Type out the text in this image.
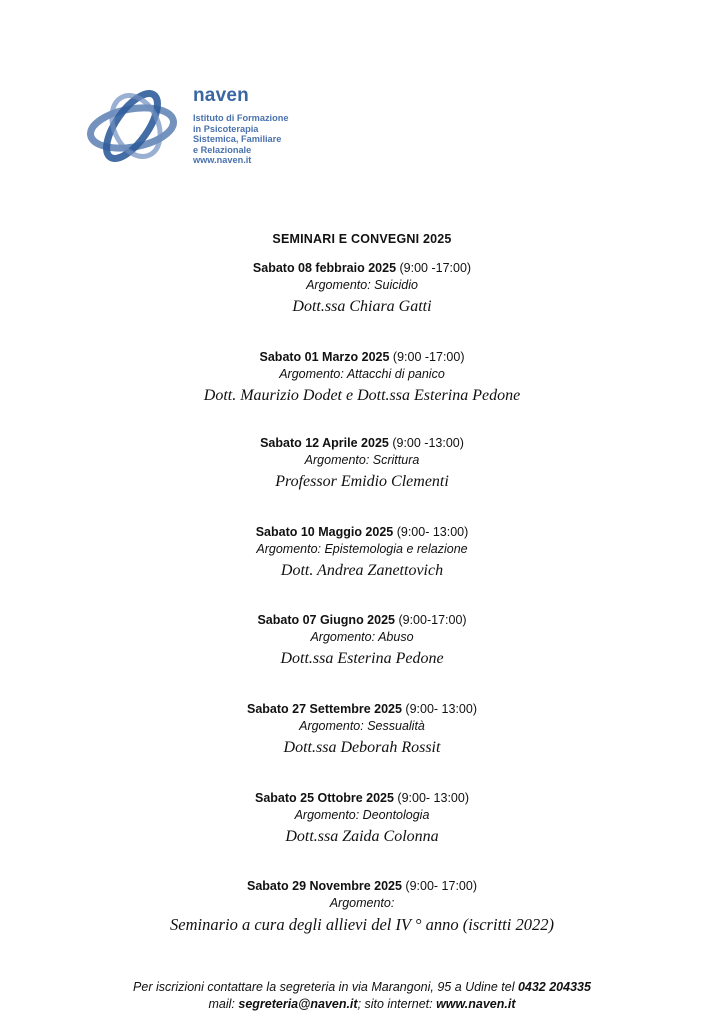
naven
Istituto di Formazione
in Psicoterapia
Sistemica, Familiare
e Relazionale
www.naven.it
SEMINARI E CONVEGNI 2025
Sabato 08 febbraio 2025 (9:00 -17:00)
Argomento: Suicidio
Dott.ssa Chiara Gatti
Sabato 01 Marzo 2025 (9:00 -17:00)
Argomento: Attacchi di panico
Dott. Maurizio Dodet e Dott.ssa Esterina Pedone
Sabato 12 Aprile 2025 (9:00 -13:00)
Argomento: Scrittura
Professor Emidio Clementi
Sabato 10 Maggio 2025 (9:00- 13:00)
Argomento: Epistemologia e relazione
Dott. Andrea Zanettovich
Sabato 07 Giugno 2025 (9:00-17:00)
Argomento: Abuso
Dott.ssa Esterina Pedone
Sabato 27 Settembre 2025 (9:00- 13:00)
Argomento: Sessualità
Dott.ssa Deborah Rossit
Sabato 25 Ottobre 2025 (9:00- 13:00)
Argomento: Deontologia
Dott.ssa Zaida Colonna
Sabato 29 Novembre 2025 (9:00- 17:00)
Argomento:
Seminario a cura degli allievi del IV ° anno (iscritti 2022)
Per iscrizioni contattare la segreteria in via Marangoni, 95 a Udine tel 0432 204335
mail: segreteria@naven.it; sito internet: www.naven.it
